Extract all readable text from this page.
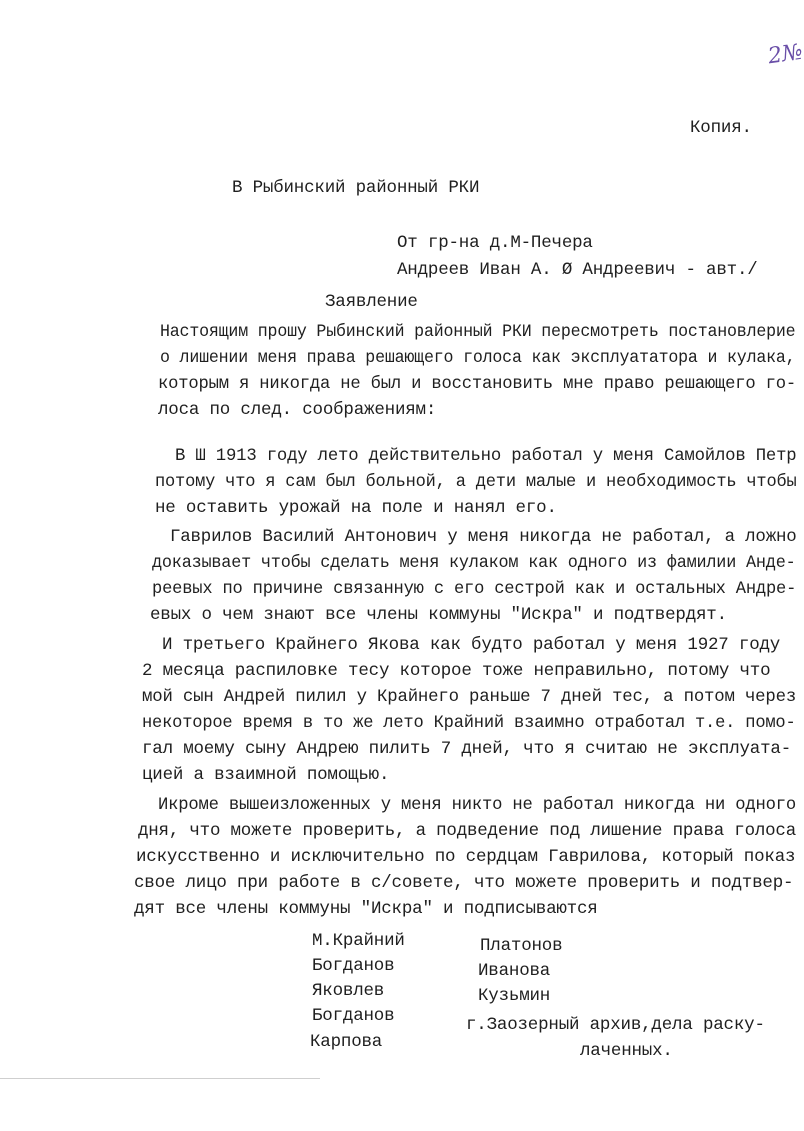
2№
Копия.
В Рыбинский районный РКИ
От гр-на д.М-Печера
Андреев Иван А. Ø Андреевич - авт./
Заявление
Настоящим прошу Рыбинский районный РКИ пересмотреть постановлерие
о лишении меня права решающего голоса как эксплуататора и кулака,
которым я никогда не был и восстановить мне право решающего го-
лоса по след. соображениям:
В Ш 1913 году лето действительно работал у меня Самойлов Петр
потому что я сам был больной, а дети малые и необходимость чтобы
не оставить урожай на поле и нанял его.
Гаврилов Василий Антонович у меня никогда не работал, а ложно
доказывает чтобы сделать меня кулаком как одного из фамилии Андe-
реевых по причине связанную с его сестрой как и остальных Андре-
евых о чем знают все члены коммуны "Искра" и подтвердят.
И третьего Крайнего Якова как будто работал у меня 1927 году
2 месяца распиловке тесу которое тоже неправильно, потому что
мой сын Андрей пилил у Крайнего раньше 7 дней тес, а потом через
некоторое время в то же лето Крайний взаимно отработал т.е. помо-
гал моему сыну Андрею пилить 7 дней, что я считаю не эксплуата-
цией а взаимной помощью.
Икроме вышеизложенных у меня никто не работал никогда ни одного
дня, что можете проверить, а подведение под лишение права голоса
искусственно и исключительно по сердцам Гаврилова, который показ
свое лицо при работе в с/совете, что можете проверить и подтвер-
дят все члены коммуны "Искра" и подписываются
М.Крайний
Богданов
Яковлев
Богданов
Карпова
Платонов
Иванова
Кузьмин
г.Заозерный архив,дела раску-
лаченных.
